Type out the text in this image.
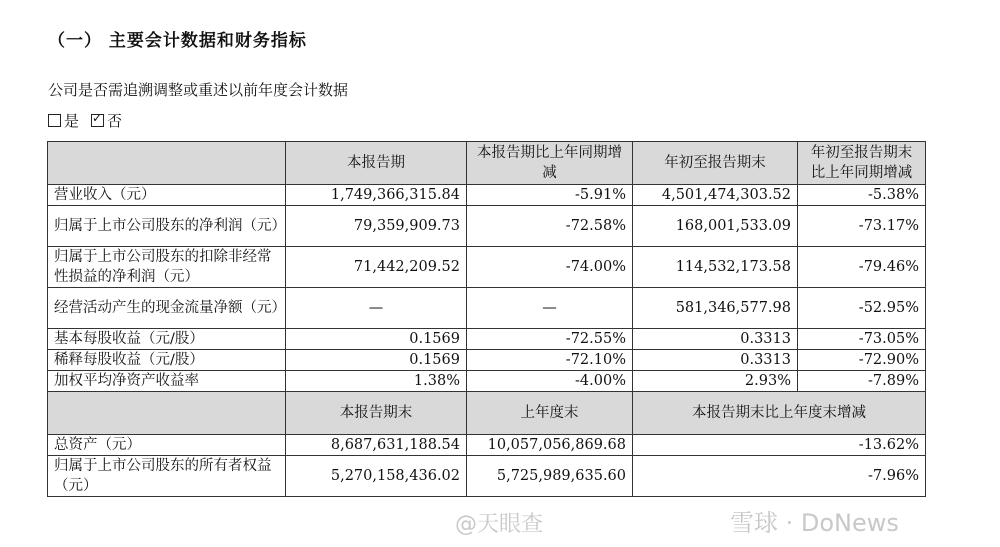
（一） 主要会计数据和财务指标
公司是否需追溯调整或重述以前年度会计数据
是 ✓ 否
	本报告期	本报告期比上年同期增减	年初至报告期末	年初至报告期末比上年同期增减
营业收入（元）	1,749,366,315.84	-5.91%	4,501,474,303.52	-5.38%
归属于上市公司股东的净利润（元）	79,359,909.73	-72.58%	168,001,533.09	-73.17%
归属于上市公司股东的扣除非经常性损益的净利润（元）	71,442,209.52	-74.00%	114,532,173.58	-79.46%
经营活动产生的现金流量净额（元）	—	—	581,346,577.98	-52.95%
基本每股收益（元/股）	0.1569	-72.55%	0.3313	-73.05%
稀释每股收益（元/股）	0.1569	-72.10%	0.3313	-72.90%
加权平均净资产收益率	1.38%	-4.00%	2.93%	-7.89%
	本报告期末	上年度末	本报告期末比上年度末增减	
总资产（元）	8,687,631,188.54	10,057,056,869.68	-13.62%	
归属于上市公司股东的所有者权益（元）	5,270,158,436.02	5,725,989,635.60	-7.96%	
@天眼查	雪球 · DoNews
